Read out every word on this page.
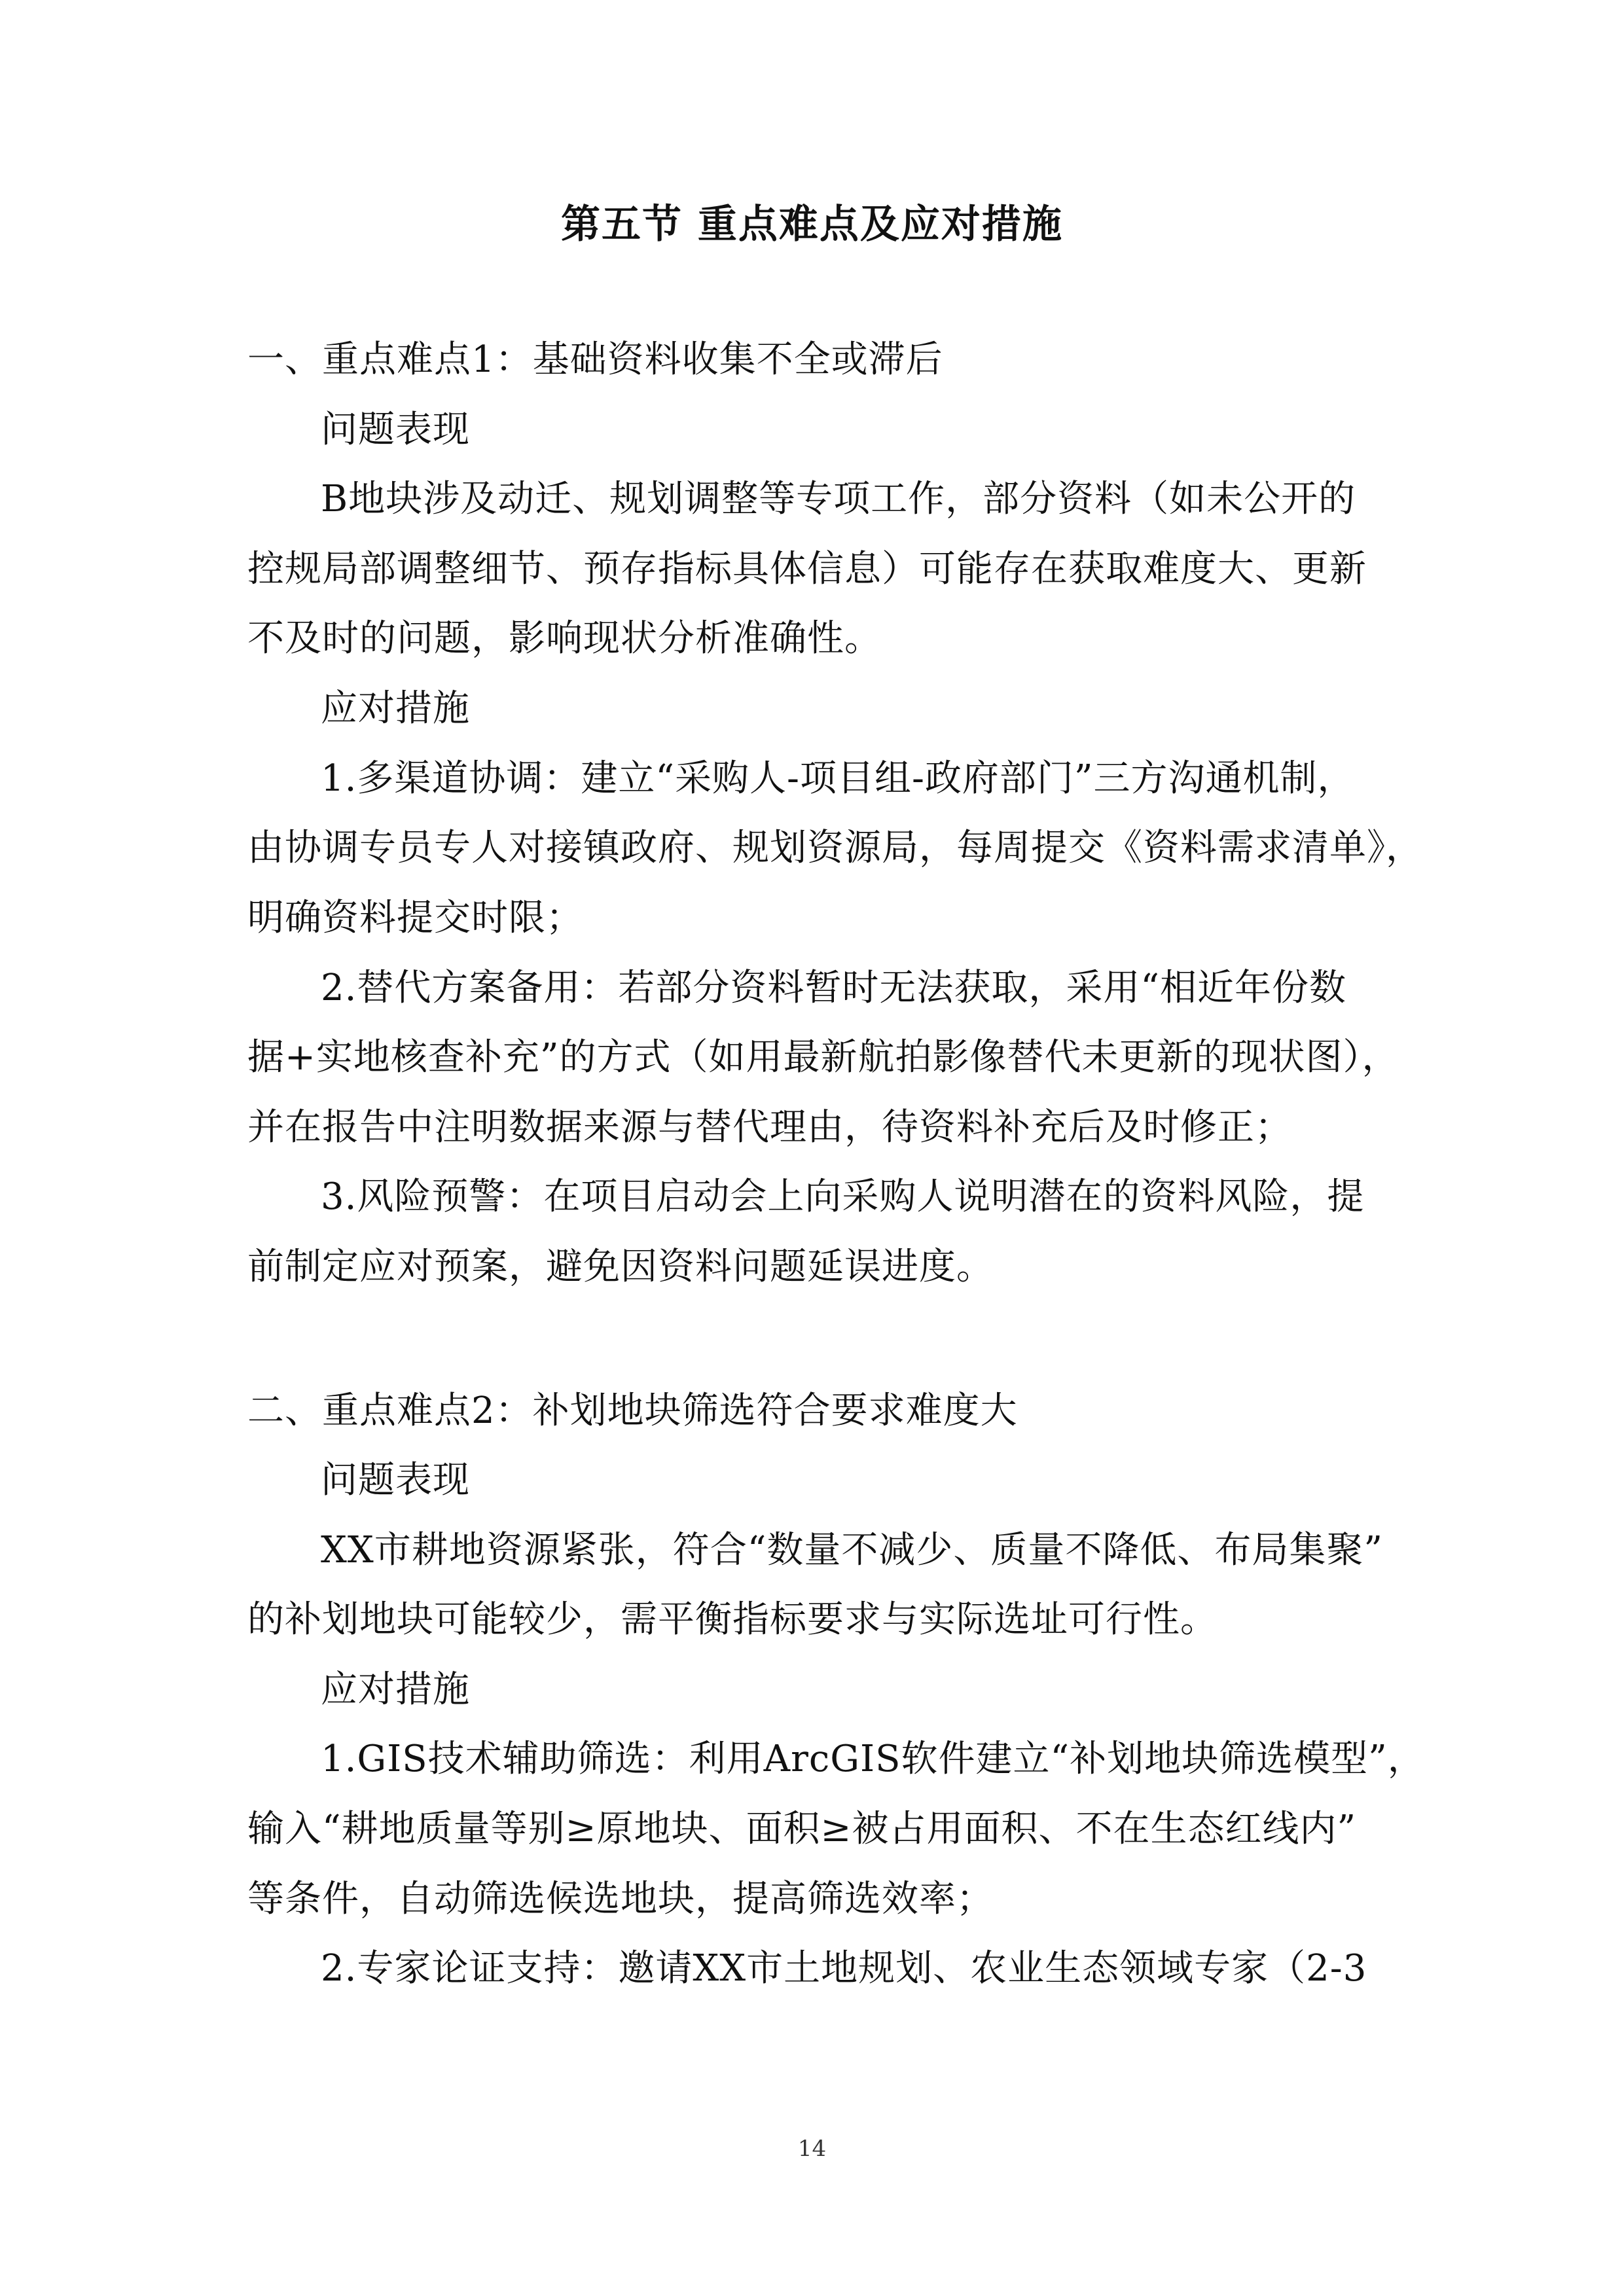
第五节 重点难点及应对措施
一、重点难点1：基础资料收集不全或滞后
问题表现
B地块涉及动迁、规划调整等专项工作，部分资料（如未公开的
控规局部调整细节、预存指标具体信息）可能存在获取难度大、更新
不及时的问题，影响现状分析准确性。
应对措施
1.多渠道协调：建立“采购人-项目组-政府部门”三方沟通机制，
由协调专员专人对接镇政府、规划资源局，每周提交《资料需求清单》，
明确资料提交时限；
2.替代方案备用：若部分资料暂时无法获取，采用“相近年份数
据+实地核查补充”的方式（如用最新航拍影像替代未更新的现状图），
并在报告中注明数据来源与替代理由，待资料补充后及时修正；
3.风险预警：在项目启动会上向采购人说明潜在的资料风险，提
前制定应对预案，避免因资料问题延误进度。
二、重点难点2：补划地块筛选符合要求难度大
问题表现
XX市耕地资源紧张，符合“数量不减少、质量不降低、布局集聚”
的补划地块可能较少，需平衡指标要求与实际选址可行性。
应对措施
1.GIS技术辅助筛选：利用ArcGIS软件建立“补划地块筛选模型”，
输入“耕地质量等别≥原地块、面积≥被占用面积、不在生态红线内”
等条件，自动筛选候选地块，提高筛选效率；
2.专家论证支持：邀请XX市土地规划、农业生态领域专家（2-3
14
